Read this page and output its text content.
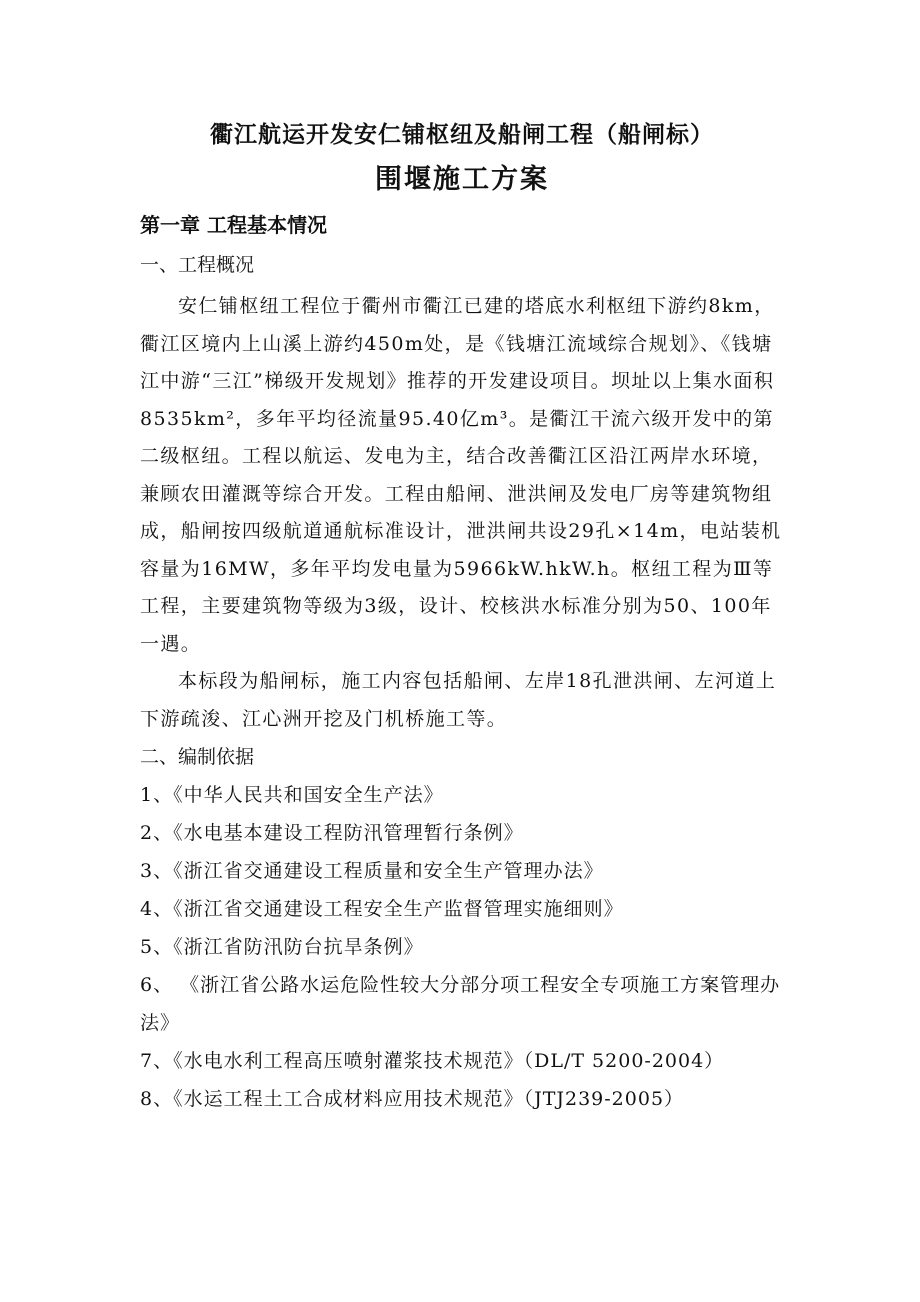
衢江航运开发安仁铺枢纽及船闸工程（船闸标）
围堰施工方案
第一章 工程基本情况
一、工程概况

安仁铺枢纽工程位于衢州市衢江已建的塔底水利枢纽下游约8km，衢江区境内上山溪上游约450m处，是《钱塘江流域综合规划》、《钱塘江中游“三江”梯级开发规划》推荐的开发建设项目。坝址以上集水面积8535km²，多年平均径流量95.40亿m³。是衢江干流六级开发中的第二级枢纽。工程以航运、发电为主，结合改善衢江区沿江两岸水环境，兼顾农田灌溉等综合开发。工程由船闸、泄洪闸及发电厂房等建筑物组成，船闸按四级航道通航标准设计，泄洪闸共设29孔×14m，电站装机容量为16MW，多年平均发电量为5966kW.hkW.h。枢纽工程为Ⅲ等工程，主要建筑物等级为3级，设计、校核洪水标准分别为50、100年一遇。

本标段为船闸标，施工内容包括船闸、左岸18孔泄洪闸、左河道上下游疏浚、江心洲开挖及门机桥施工等。

二、编制依据
1、《中华人民共和国安全生产法》
2、《水电基本建设工程防汛管理暂行条例》
3、《浙江省交通建设工程质量和安全生产管理办法》
4、《浙江省交通建设工程安全生产监督管理实施细则》
5、《浙江省防汛防台抗旱条例》
6、 《浙江省公路水运危险性较大分部分项工程安全专项施工方案管理办法》
7、《水电水利工程高压喷射灌浆技术规范》（DL/T 5200-2004）
8、《水运工程土工合成材料应用技术规范》（JTJ239-2005）
